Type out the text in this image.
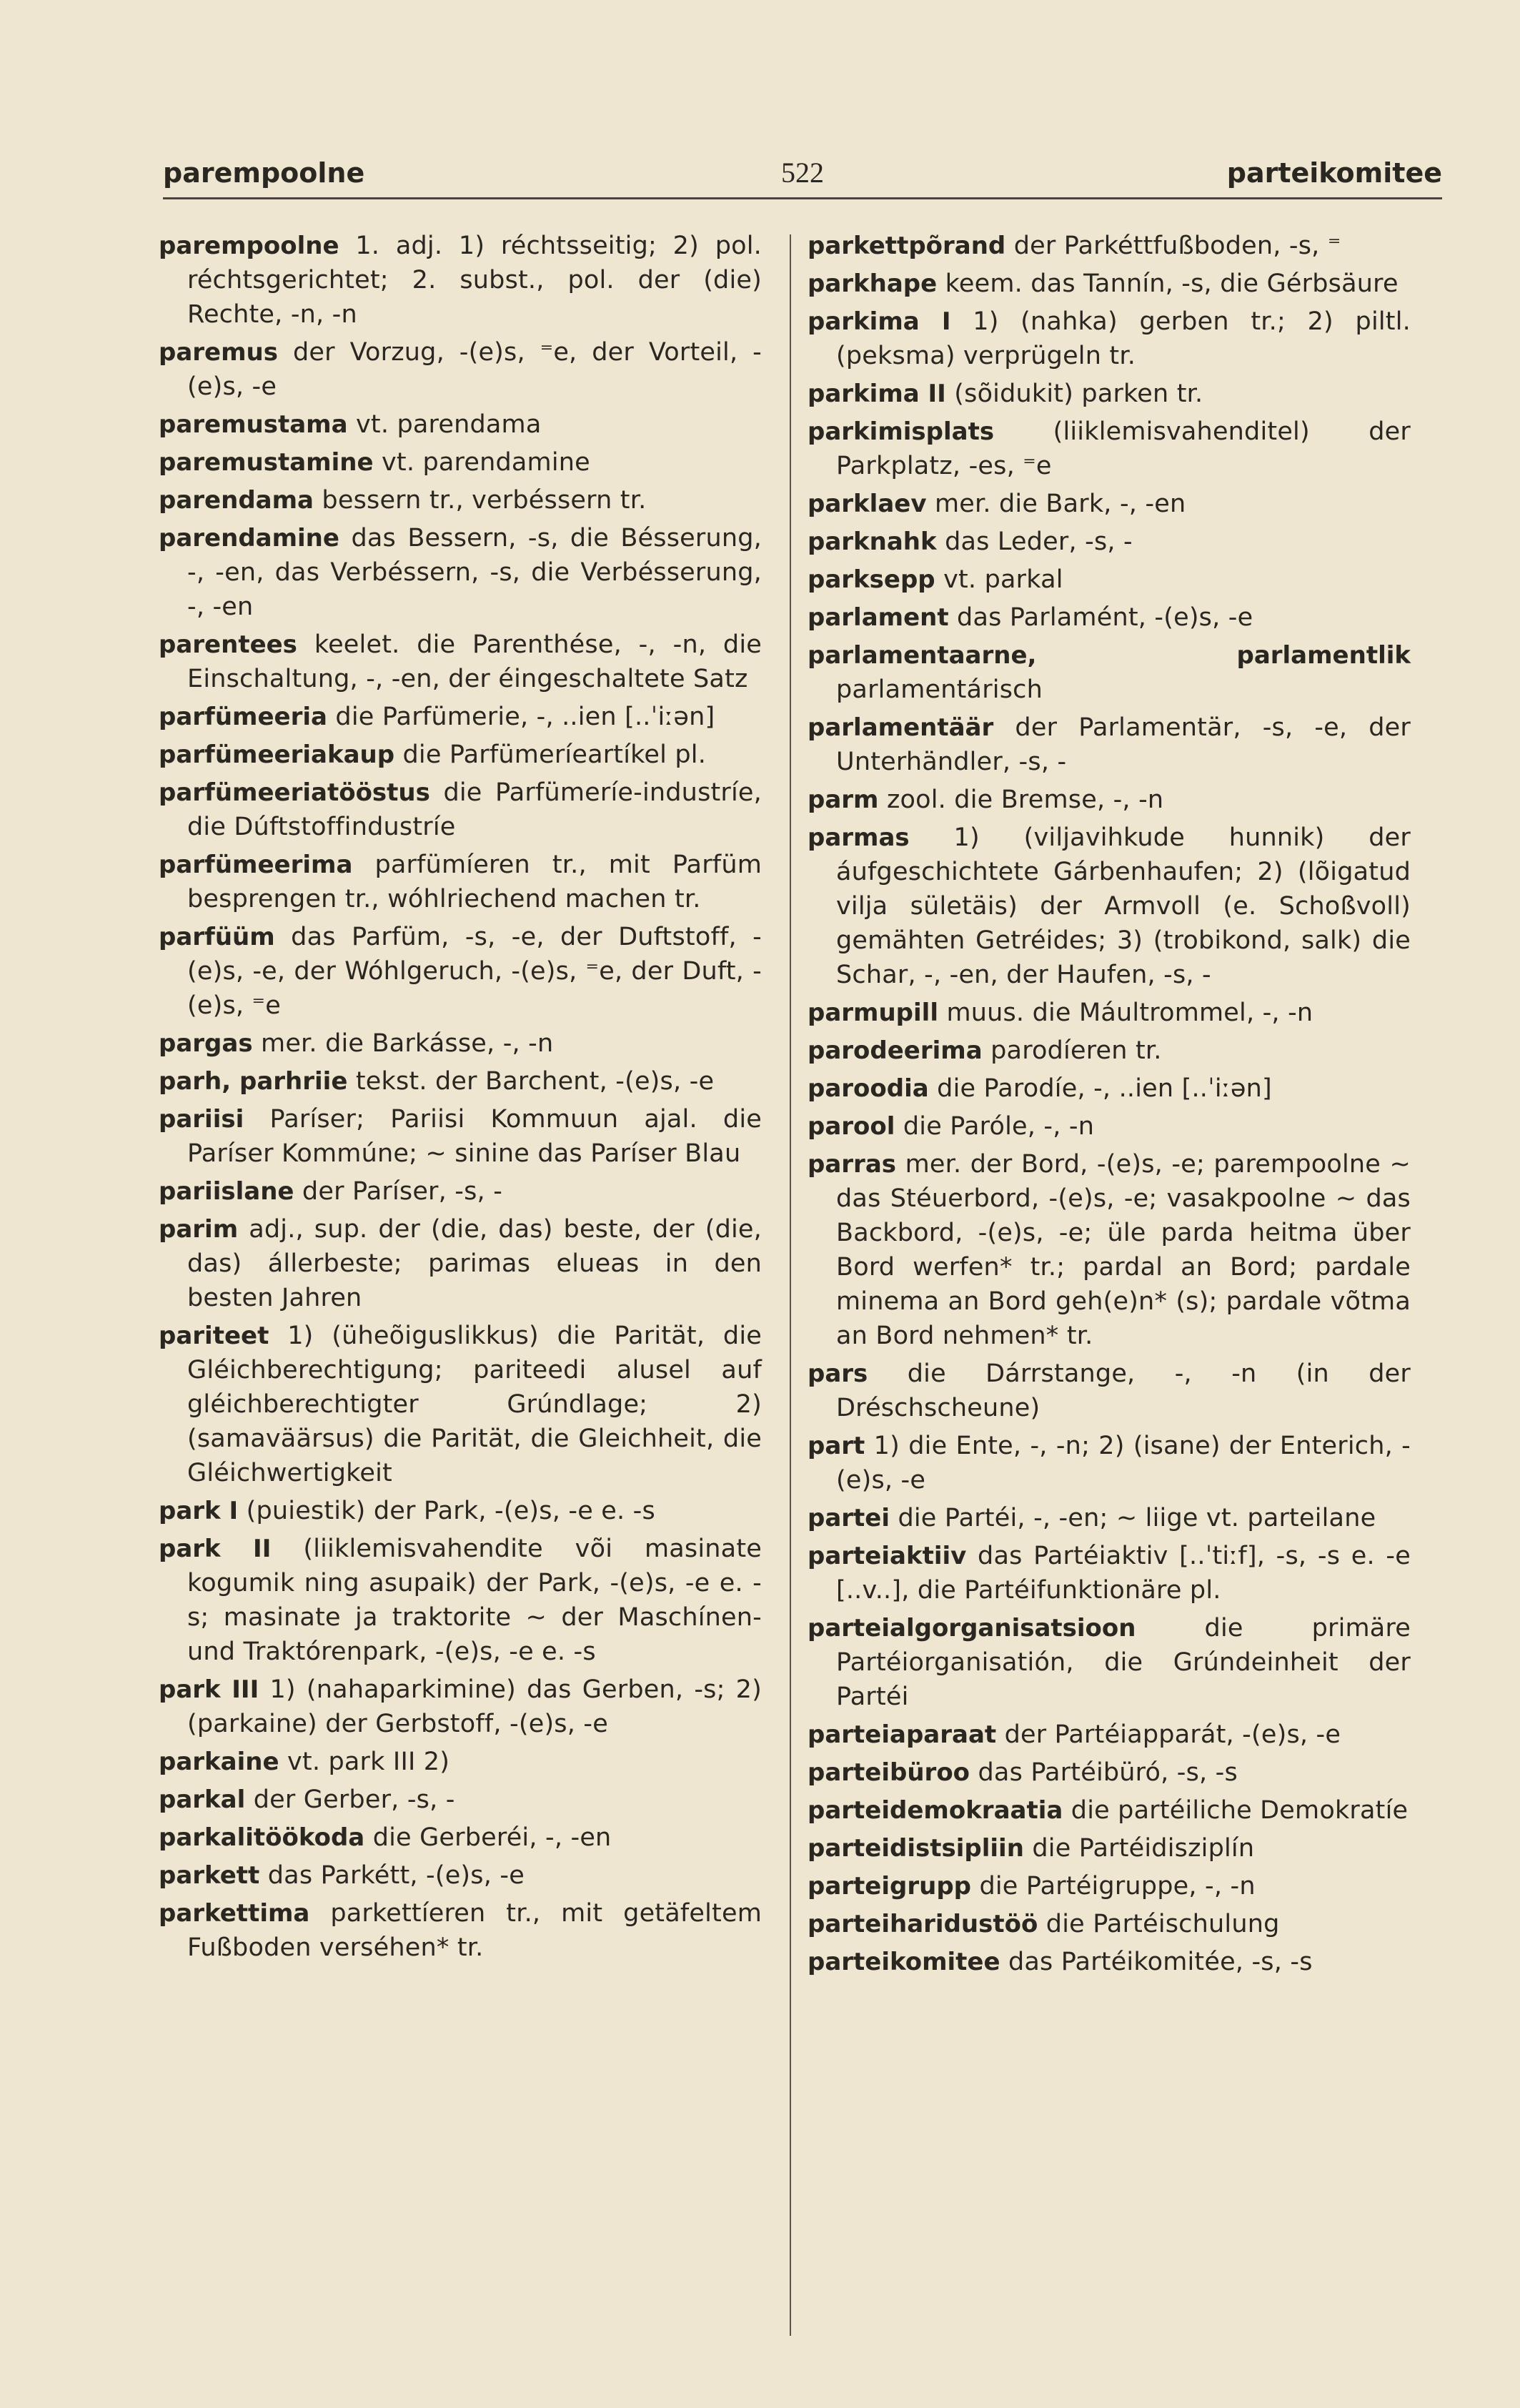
parempoolne	522	parteikomitee

parempoolne 1. adj. 1) réchtsseitig; 2) pol. réchtsgerichtet; 2. subst., pol. der (die) Rechte, -n, -n

paremus der Vorzug, -(e)s, ⁼e, der Vorteil, -(e)s, -e

paremustama vt. parendama

paremustamine vt. parendamine

parendama bessern tr., verbéssern tr.

parendamine das Bessern, -s, die Bésserung, -, -en, das Verbéssern, -s, die Verbésserung, -, -en

parentees keelet. die Parenthése, -, -n, die Einschaltung, -, -en, der éingeschaltete Satz

parfümeeria die Parfümerie, -, ..ien [..ˈiːən]

parfümeeriakaup die Parfümeríeartíkel pl.

parfümeeriatööstus die Parfümeríe-industríe, die Dúftstoffindustríe

parfümeerima parfümíeren tr., mit Parfüm besprengen tr., wóhlriechend machen tr.

parfüüm das Parfüm, -s, -e, der Duftstoff, -(e)s, -e, der Wóhlgeruch, -(e)s, ⁼e, der Duft, -(e)s, ⁼e

pargas mer. die Barkásse, -, -n

parh, parhriie tekst. der Barchent, -(e)s, -e

pariisi Paríser; Pariisi Kommuun ajal. die Paríser Kommúne; ~ sinine das Paríser Blau

pariislane der Paríser, -s, -

parim adj., sup. der (die, das) beste, der (die, das) állerbeste; parimas elueas in den besten Jahren

pariteet 1) (üheõiguslikkus) die Parität, die Gléichberechtigung; pariteedi alusel auf gléichberechtigter Grúndlage; 2) (samaväärsus) die Parität, die Gleichheit, die Gléichwertigkeit

park I (puiestik) der Park, -(e)s, -e e. -s

park II (liiklemisvahendite või masinate kogumik ning asupaik) der Park, -(e)s, -e e. -s; masinate ja traktorite ~ der Maschínen- und Traktórenpark, -(e)s, -e e. -s

park III 1) (nahaparkimine) das Gerben, -s; 2) (parkaine) der Gerbstoff, -(e)s, -e

parkaine vt. park III 2)

parkal der Gerber, -s, -

parkalitöökoda die Gerberéi, -, -en

parkett das Parkétt, -(e)s, -e

parkettima parkettíeren tr., mit getäfeltem Fußboden verséhen* tr.

parkettpõrand der Parkéttfußboden, -s, ⁼

parkhape keem. das Tannín, -s, die Gérbsäure

parkima I 1) (nahka) gerben tr.; 2) piltl. (peksma) verprügeln tr.

parkima II (sõidukit) parken tr.

parkimisplats (liiklemisvahenditel) der Parkplatz, -es, ⁼e

parklaev mer. die Bark, -, -en

parknahk das Leder, -s, -

parksepp vt. parkal

parlament das Parlamént, -(e)s, -e

parlamentaarne, parlamentlik parlamentárisch

parlamentäär der Parlamentär, -s, -e, der Unterhändler, -s, -

parm zool. die Bremse, -, -n

parmas 1) (viljavihkude hunnik) der áufgeschichtete Gárbenhaufen; 2) (lõigatud vilja sületäis) der Armvoll (e. Schoßvoll) gemähten Getréides; 3) (trobikond, salk) die Schar, -, -en, der Haufen, -s, -

parmupill muus. die Máultrommel, -, -n

parodeerima parodíeren tr.

paroodia die Parodíe, -, ..ien [..ˈiːən]

parool die Paróle, -, -n

parras mer. der Bord, -(e)s, -e; parempoolne ~ das Stéuerbord, -(e)s, -e; vasakpoolne ~ das Backbord, -(e)s, -e; üle parda heitma über Bord werfen* tr.; pardal an Bord; pardale minema an Bord geh(e)n* (s); pardale võtma an Bord nehmen* tr.

pars die Dárrstange, -, -n (in der Dréschscheune)

part 1) die Ente, -, -n; 2) (isane) der Enterich, -(e)s, -e

partei die Partéi, -, -en; ~ liige vt. parteilane

parteiaktiiv das Partéiaktiv [..ˈtiːf], -s, -s e. -e [..v..], die Partéifunktionäre pl.

parteialgorganisatsioon	die primäre Partéiorganisatión, die Grúndeinheit der Partéi

parteiaparaat der Partéiapparát, -(e)s, -e

parteibüroo das Partéibüró, -s, -s

parteidemokraatia die partéiliche Demokratíe

parteidistsipliin die Partéidisziplín

parteigrupp die Partéigruppe, -, -n

parteiharidustöö die Partéischulung

parteikomitee das Partéikomitée, -s, -s
